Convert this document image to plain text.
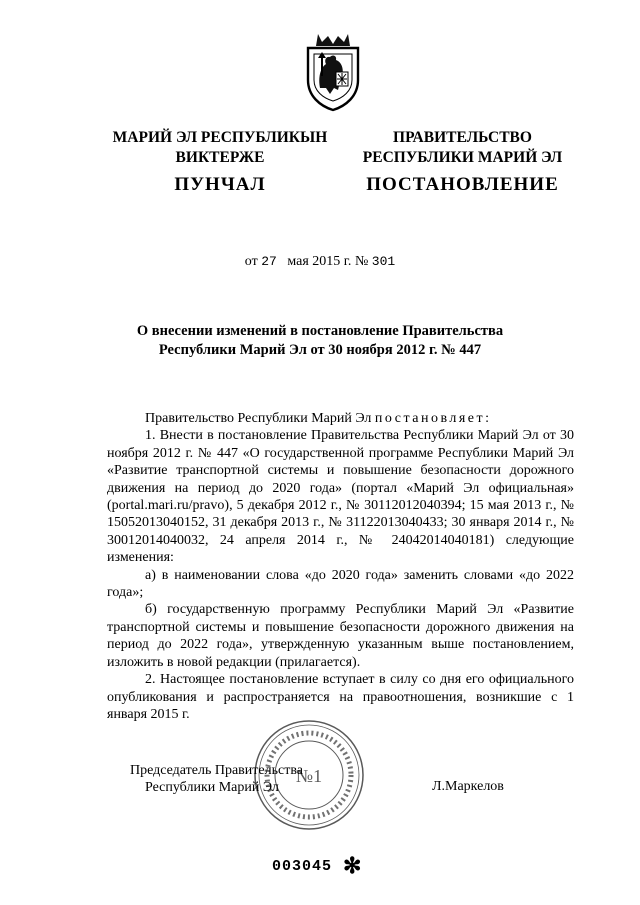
МАРИЙ ЭЛ РЕСПУБЛИКЫН
ВИКТЕРЖЕ
ПРАВИТЕЛЬСТВО
РЕСПУБЛИКИ МАРИЙ ЭЛ
ПУНЧАЛ	ПОСТАНОВЛЕНИЕ
от 27 мая 2015 г. № 301
О внесении изменений в постановление Правительства
Республики Марий Эл от 30 ноября 2012 г. № 447

Правительство Республики Марий Эл постановляет:

1. Внести в постановление Правительства Республики Марий Эл от 30 ноября 2012 г. № 447 «О государственной программе Республики Марий Эл «Развитие транспортной системы и повышение безопасности дорожного движения на период до 2020 года» (портал «Марий Эл официальная» (portal.mari.ru/pravo), 5 декабря 2012 г., № 30112012040394; 15 мая 2013 г., № 15052013040152, 31 декабря 2013 г., № 31122013040433; 30 января 2014 г., № 30012014040032, 24 апреля 2014 г., № 24042014040181) следующие изменения:

а) в наименовании слова «до 2020 года» заменить словами «до 2022 года»;

б) государственную программу Республики Марий Эл «Развитие транспортной системы и повышение безопасности дорожного движения на период до 2022 года», утвержденную указанным выше постановлением, изложить в новой редакции (прилагается).

2. Настоящее постановление вступает в силу со дня его официального опубликования и распространяется на правоотношения, возникшие с 1 января 2015 г.

№1
Председатель Правительства
Республики Марий Эл	Л.Маркелов
003045 ✻
